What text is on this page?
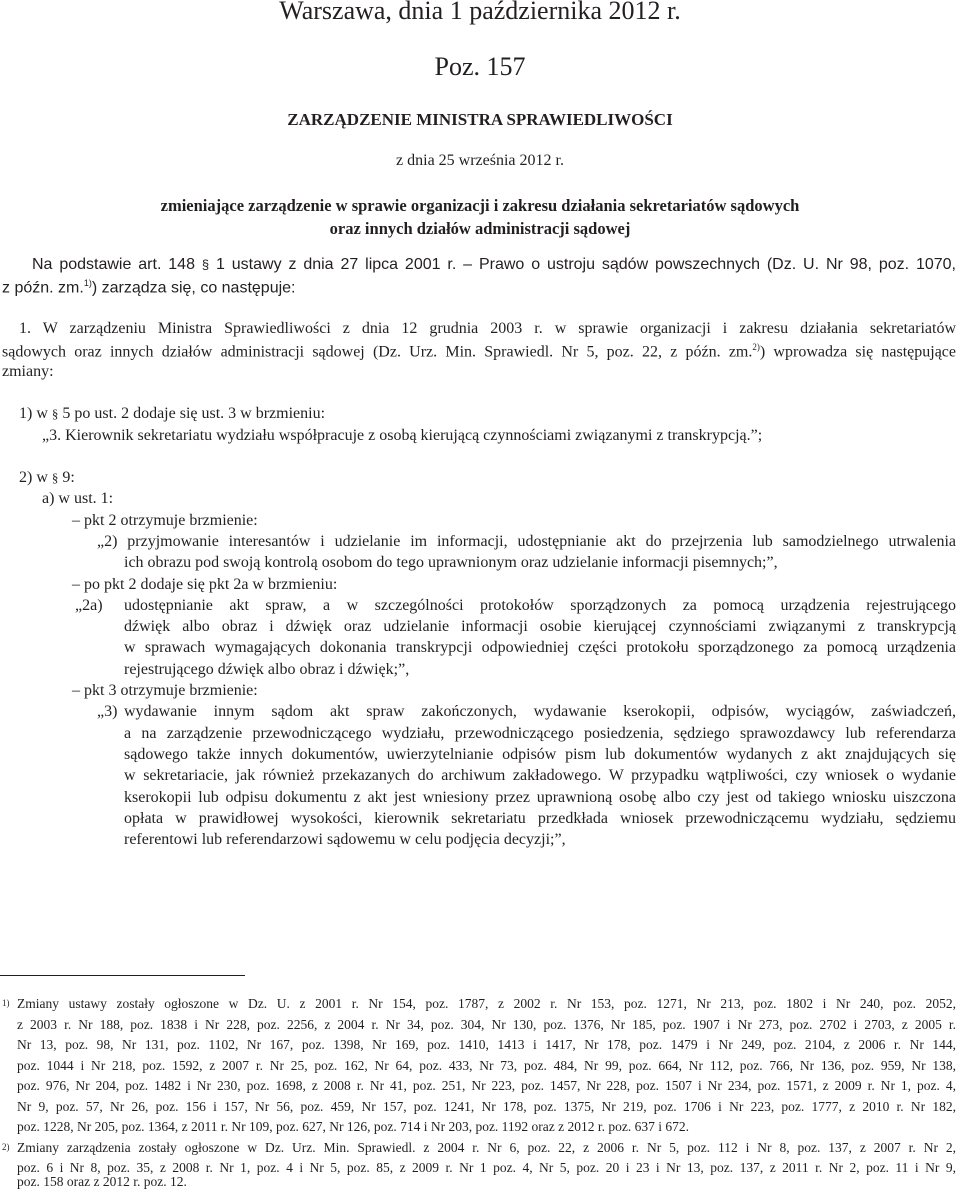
Warszawa, dnia 1 października 2012 r.

Poz. 157

ZARZĄDZENIE MINISTRA SPRAWIEDLIWOŚCI

z dnia 25 września 2012 r.

zmieniające zarządzenie w sprawie organizacji i zakresu działania sekretariatów sądowych
oraz innych działów administracji sądowej
Na podstawie art. 148 § 1 ustawy z dnia 27 lipca 2001 r. – Prawo o ustroju sądów powszechnych (Dz. U. Nr 98, poz. 1070,
z późn. zm.$^{1)}$) zarządza się, co następuje:
1. W zarządzeniu Ministra Sprawiedliwości z dnia 12 grudnia 2003 r. w sprawie organizacji i zakresu działania sekretariatów
sądowych oraz innych działów administracji sądowej (Dz. Urz. Min. Sprawiedl. Nr 5, poz. 22, z późn. zm.$^{2)}$) wprowadza się następujące
zmiany:
1) w § 5 po ust. 2 dodaje się ust. 3 w brzmieniu:
„3. Kierownik sekretariatu wydziału współpracuje z osobą kierującą czynnościami związanymi z transkrypcją.”;
2) w § 9:
a) w ust. 1:
– pkt 2 otrzymuje brzmienie:
„2) przyjmowanie interesantów i udzielanie im informacji, udostępnianie akt do przejrzenia lub samodzielnego utrwalenia
ich obrazu pod swoją kontrolą osobom do tego uprawnionym oraz udzielanie informacji pisemnych;”,
– po pkt 2 dodaje się pkt 2a w brzmieniu:
„2a) udostępnianie akt spraw, a w szczególności protokołów sporządzonych za pomocą urządzenia rejestrującego
dźwięk albo obraz i dźwięk oraz udzielanie informacji osobie kierującej czynnościami związanymi z transkrypcją
w sprawach wymagających dokonania transkrypcji odpowiedniej części protokołu sporządzonego za pomocą urządzenia
rejestrującego dźwięk albo obraz i dźwięk;”,
– pkt 3 otrzymuje brzmienie:
„3) wydawanie innym sądom akt spraw zakończonych, wydawanie kserokopii, odpisów, wyciągów, zaświadczeń,
a na zarządzenie przewodniczącego wydziału, przewodniczącego posiedzenia, sędziego sprawozdawcy lub referendarza
sądowego także innych dokumentów, uwierzytelnianie odpisów pism lub dokumentów wydanych z akt znajdujących się
w sekretariacie, jak również przekazanych do archiwum zakładowego. W przypadku wątpliwości, czy wniosek o wydanie
kserokopii lub odpisu dokumentu z akt jest wniesiony przez uprawnioną osobę albo czy jest od takiego wniosku uiszczona
opłata w prawidłowej wysokości, kierownik sekretariatu przedkłada wniosek przewodniczącemu wydziału, sędziemu
referentowi lub referendarzowi sądowemu w celu podjęcia decyzji;”,
1) Zmiany ustawy zostały ogłoszone w Dz. U. z 2001 r. Nr 154, poz. 1787, z 2002 r. Nr 153, poz. 1271, Nr 213, poz. 1802 i Nr 240, poz. 2052,
z 2003 r. Nr 188, poz. 1838 i Nr 228, poz. 2256, z 2004 r. Nr 34, poz. 304, Nr 130, poz. 1376, Nr 185, poz. 1907 i Nr 273, poz. 2702 i 2703, z 2005 r.
Nr 13, poz. 98, Nr 131, poz. 1102, Nr 167, poz. 1398, Nr 169, poz. 1410, 1413 i 1417, Nr 178, poz. 1479 i Nr 249, poz. 2104, z 2006 r. Nr 144,
poz. 1044 i Nr 218, poz. 1592, z 2007 r. Nr 25, poz. 162, Nr 64, poz. 433, Nr 73, poz. 484, Nr 99, poz. 664, Nr 112, poz. 766, Nr 136, poz. 959, Nr 138,
poz. 976, Nr 204, poz. 1482 i Nr 230, poz. 1698, z 2008 r. Nr 41, poz. 251, Nr 223, poz. 1457, Nr 228, poz. 1507 i Nr 234, poz. 1571, z 2009 r. Nr 1, poz. 4,
Nr 9, poz. 57, Nr 26, poz. 156 i 157, Nr 56, poz. 459, Nr 157, poz. 1241, Nr 178, poz. 1375, Nr 219, poz. 1706 i Nr 223, poz. 1777, z 2010 r. Nr 182,
poz. 1228, Nr 205, poz. 1364, z 2011 r. Nr 109, poz. 627, Nr 126, poz. 714 i Nr 203, poz. 1192 oraz z 2012 r. poz. 637 i 672.
2) Zmiany zarządzenia zostały ogłoszone w Dz. Urz. Min. Sprawiedl. z 2004 r. Nr 6, poz. 22, z 2006 r. Nr 5, poz. 112 i Nr 8, poz. 137, z 2007 r. Nr 2,
poz. 6 i Nr 8, poz. 35, z 2008 r. Nr 1, poz. 4 i Nr 5, poz. 85, z 2009 r. Nr 1 poz. 4, Nr 5, poz. 20 i 23 i Nr 13, poz. 137, z 2011 r. Nr 2, poz. 11 i Nr 9,
poz. 158 oraz z 2012 r. poz. 12.
